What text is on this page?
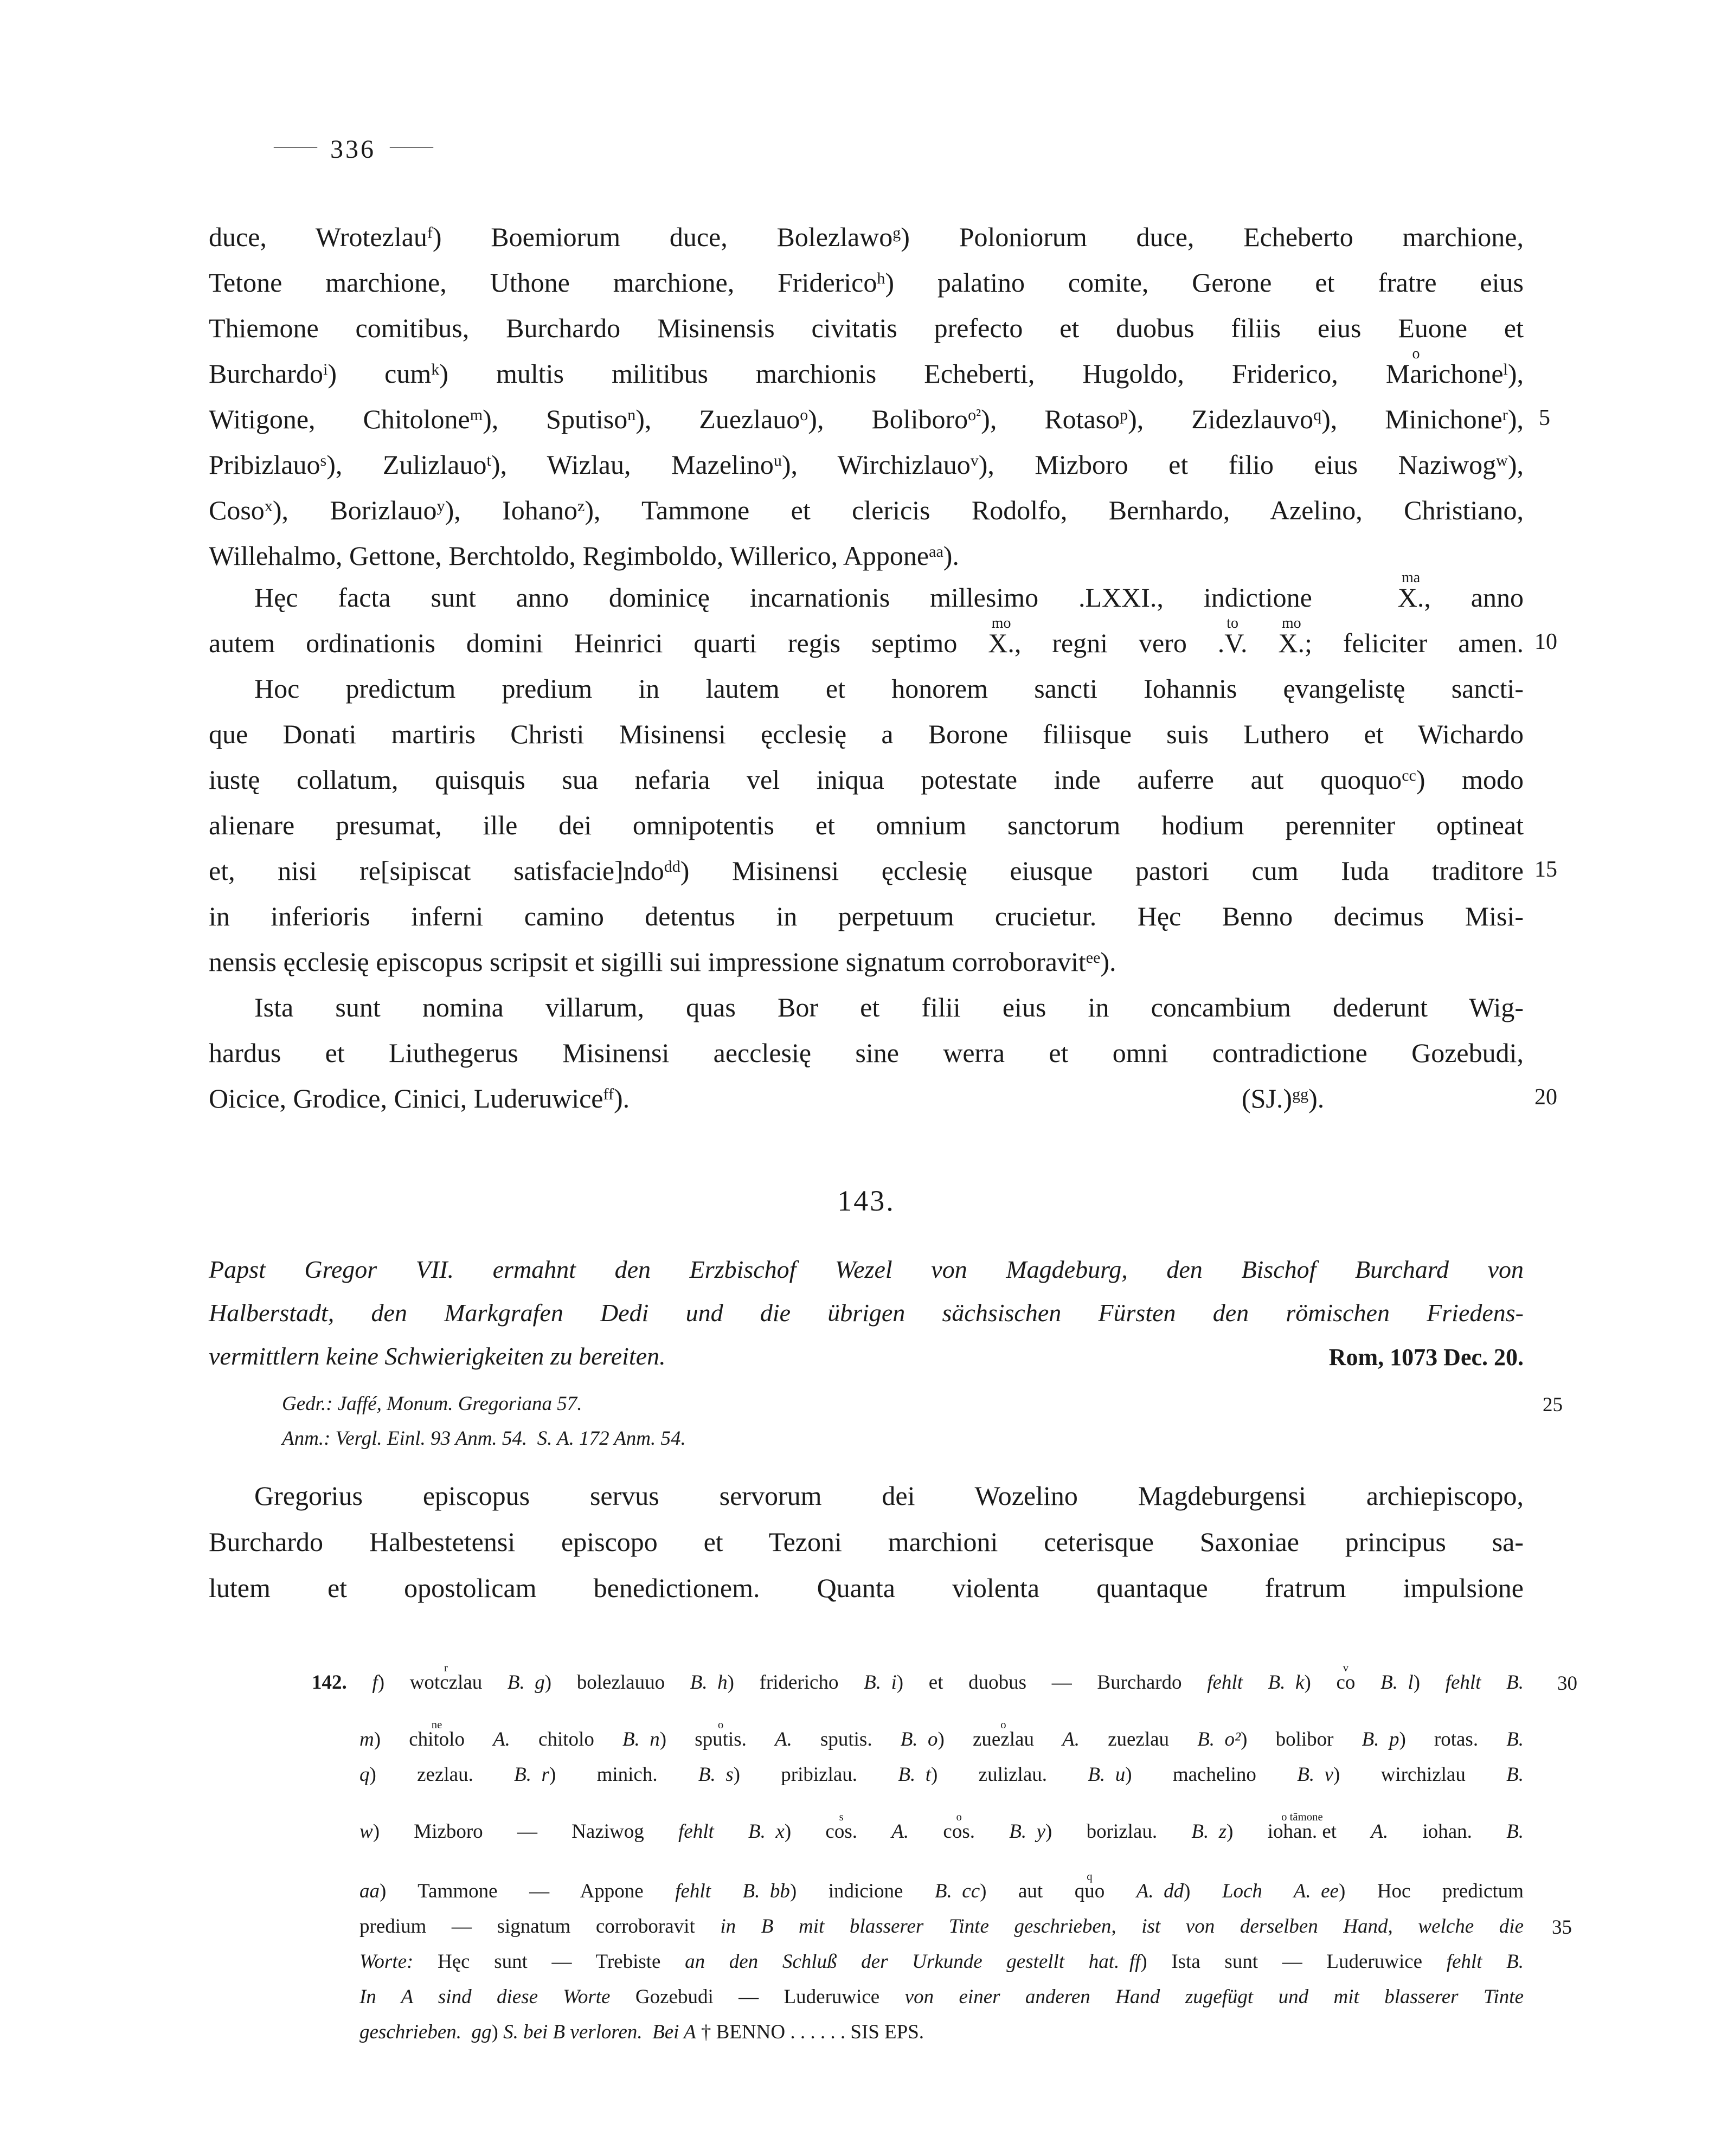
–––––– 336 ––––––
duce, Wrotezlau$^f$) Boemiorum duce, Bolezlawo$^g$) Poloniorum duce, Echeberto marchione,
Tetone marchione, Uthone marchione, Friderico$^h$) palatino comite, Gerone et fratre eius
Thiemone comitibus, Burchardo Misinensis civitatis prefecto et duobus filiis eius Euone et
Burchardo$^i$) cum$^k$) multis militibus marchionis Echeberti, Hugoldo, Friderico, Ma
o
richone$^l$),
Witigone, Chitolone$^m$), Sputiso$^n$), Zuezlauo$^o$), Boliboro$^{o^2}$), Rotaso$^p$), Zidezlauvo$^q$), Minichone$^r$),
Pribizlauo$^s$), Zulizlauo$^t$), Wizlau, Mazelino$^u$), Wirchizlauo$^v$), Mizboro et filio eius Naziwog$^w$),
Coso$^x$), Borizlauo$^y$), Iohano$^z$), Tammone et clericis Rodolfo, Bernhardo, Azelino, Christiano,
Willehalmo, Gettone, Berchtoldo, Regimboldo, Willerico, Appone$^{aa}$).
Hęc facta sunt anno dominicę incarnationis millesimo .LXXI., indictione X.
ma
, anno
autem ordinationis domini Heinrici quarti regis septimo X.
mo
, regni vero .V.
to
X.
mo
; feliciter amen.
Hoc predictum predium in lautem et honorem sancti Iohannis ęvangelistę sancti-
que Donati martiris Christi Misinensi ęcclesię a Borone filiisque suis Luthero et Wichardo
iustę collatum, quisquis sua nefaria vel iniqua potestate inde auferre aut quoquo$^{cc}$) modo
alienare presumat, ille dei omnipotentis et omnium sanctorum hodium perenniter optineat
et, nisi re[sipiscat satisfacie]ndo$^{dd}$) Misinensi ęcclesię eiusque pastori cum Iuda traditore
in inferioris inferni camino detentus in perpetuum crucietur. Hęc Benno decimus Misi-
nensis ęcclesię episcopus scripsit et sigilli sui impressione signatum corroboravit$^{ee}$).
Ista sunt nomina villarum, quas Bor et filii eius in concambium dederunt Wig-
hardus et Liuthegerus Misinensi aecclesię sine werra et omni contradictione Gozebudi,
Oicice, Grodice, Cinici, Luderuwice$^{ff}$).	$(SJ.)^{gg}$).
143.
Papst Gregor VII. ermahnt den Erzbischof Wezel von Magdeburg, den Bischof Burchard von
Halberstadt, den Markgrafen Dedi und die übrigen sächsischen Fürsten den römischen Friedens-
vermittlern keine Schwierigkeiten zu bereiten.	Rom, 1073 Dec. 20.
Gedr.: Jaffé, Monum. Gregoriana 57.
Anm.: Vergl. Einl. 93 Anm. 54. S. A. 172 Anm. 54.
Gregorius episcopus servus servorum dei Wozelino Magdeburgensi archiepiscopo,
Burchardo Halbestetensi episcopo et Tezoni marchioni ceterisque Saxoniae principus sa-
lutem et opostolicam benedictionem. Quanta violenta quantaque fratrum impulsione
142. f) wotczlau
r
B.  g) bolezlauuo B.  h) fridericho B.  i) et duobus — Burchardo fehlt B.  k) co
v
B.  l) fehlt B.
m) chitolo
ne
A. chitolo B.  n) sputis.
o
A. sputis. B.  o) zuezlau
o
A. zuezlau B.  o²) bolibor B.  p) rotas. B.
q) zezlau. B.  r) minich. B.  s) pribizlau. B.  t) zulizlau. B.  u) machelino B.  v) wirchizlau B.
w) Mizboro — Naziwog fehlt B.  x) cos.
s
A. cos.
o
B.  y) borizlau. B.  z) iohan. et
o tāmone
A. iohan. B.
aa) Tammone — Appone fehlt B.  bb) indicione B.  cc) aut quo
q
A.  dd) Loch A.  ee) Hoc predictum
predium — signatum corroboravit in B mit blasserer Tinte geschrieben, ist von derselben Hand, welche die
Worte: Hęc sunt — Trebiste an den Schluß der Urkunde gestellt hat.  ff) Ista sunt — Luderuwice fehlt B.
In A sind diese Worte Gozebudi — Luderuwice von einer anderen Hand zugefügt und mit blasserer Tinte
geschrieben.  gg) S. bei B verloren. Bei A † BENNO . . . . . . SIS EPS.
5
10
15
20
25
30
35
